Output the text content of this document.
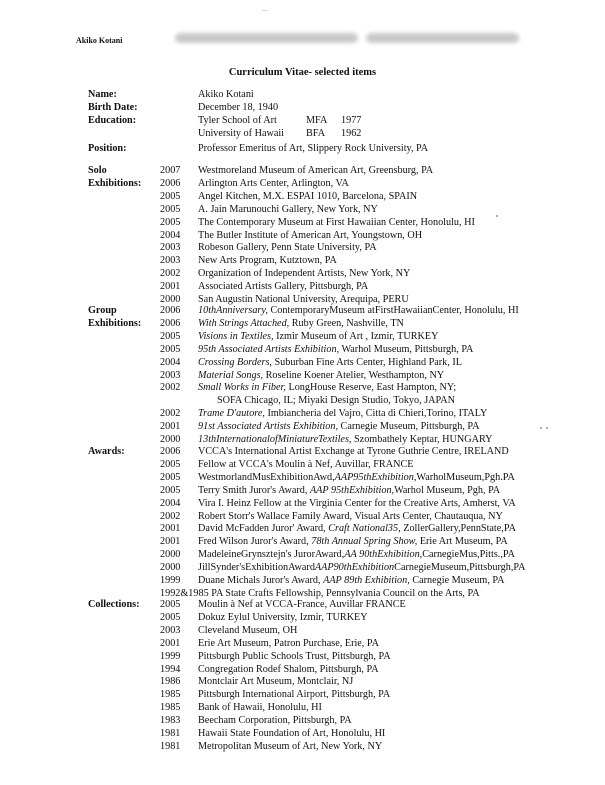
Akiko Kotani
Curriculum Vitae- selected items
Name:	Akiko Kotani
Birth Date:	December 18, 1940
Education:	Tyler School of Art	MFA 1977
University of Hawaii BFA 1962
Position:	Professor Emeritus of Art, Slippery Rock University, PA
Solo	2007 Westmoreland Museum of American Art, Greensburg, PA
Exhibitions: 2006 Arlington Arts Center, Arlington, VA
2005 Angel Kitchen, M.X. ESPAI 1010, Barcelona, SPAIN
2005 A. Jain Marunouchi Gallery, New York, NY
2005 The Contemporary Museum at First Hawaiian Center, Honolulu, HI
2004 The Butler Institute of American Art, Youngstown, OH
2003 Robeson Gallery, Penn State University, PA
2003 New Arts Program, Kutztown, PA
2002 Organization of Independent Artists, New York, NY
2001 Associated Artists Gallery, Pittsburgh, PA
2000 San Augustin National University, Arequipa, PERU
Group	2006 10thAnniversary, ContemporaryMuseum atFirstHawaiianCenter, Honolulu, HI
Exhibitions: 2006 With Strings Attached, Ruby Green, Nashville, TN
2005 Visions in Textiles, Izmir Museum of Art , Izmir, TURKEY
2005 95th Associated Artists Exhibition, Warhol Museum, Pittsburgh, PA
2004 Crossing Borders, Suburban Fine Arts Center, Highland Park, IL
2003 Material Songs, Roseline Koener Atelier, Westhampton, NY
2002 Small Works in Fiber, LongHouse Reserve, East Hampton, NY;
SOFA Chicago, IL; Miyaki Design Studio, Tokyo, JAPAN
2002 Trame D'autore, Imbiancheria del Vajro, Citta di Chieri,Torino, ITALY
2001 91st Associated Artists Exhibition, Carnegie Museum, Pittsburgh, PA
2000 13thInternationalofMiniatureTextiles, Szombathely Keptar, HUNGARY
Awards:	2006 VCCA's International Artist Exchange at Tyrone Guthrie Centre, IRELAND
2005 Fellow at VCCA's Moulin à Nef, Auvillar, FRANCE
2005 WestmorlandMusExhibitionAwd,AAP95thExhibition,WarholMuseum,Pgh.PA
2005 Terry Smith Juror's Award, AAP 95thExhibition,Warhol Museum, Pgh, PA
2004 Vira I. Heinz Fellow at the Virginia Center for the Creative Arts, Amherst, VA
2002 Robert Storr's Wallace Family Award, Visual Arts Center, Chautauqua, NY
2001 David McFadden Juror' Award, Craft National35, ZollerGallery,PennState,PA
2001 Fred Wilson Juror's Award, 78th Annual Spring Show, Erie Art Museum, PA
2000 MadeleineGrynsztejn's JurorAward,AA 90thExhibition,CarnegieMus,Pitts.,PA
2000 JillSynder'sExhibitionAwardAAP90thExhibitionCarnegieMuseum,Pittsburgh,PA
1999 Duane Michals Juror's Award, AAP 89th Exhibition, Carnegie Museum, PA
1992&1985 PA State Crafts Fellowship, Pennsylvania Council on the Arts, PA
Collections: 2005 Moulin à Nef at VCCA-France, Auvillar FRANCE
2005 Dokuz Eylul University, Izmir, TURKEY
2003 Cleveland Museum, OH
2001 Erie Art Museum, Patron Purchase, Erie, PA
1999 Pittsburgh Public Schools Trust, Pittsburgh, PA
1994 Congregation Rodef Shalom, Pittsburgh, PA
1986 Montclair Art Museum, Montclair, NJ
1985 Pittsburgh International Airport, Pittsburgh, PA
1985 Bank of Hawaii, Honolulu, HI
1983 Beecham Corporation, Pittsburgh, PA
1981 Hawaii State Foundation of Art, Honolulu, HI
1981 Metropolitan Museum of Art, New York, NY
